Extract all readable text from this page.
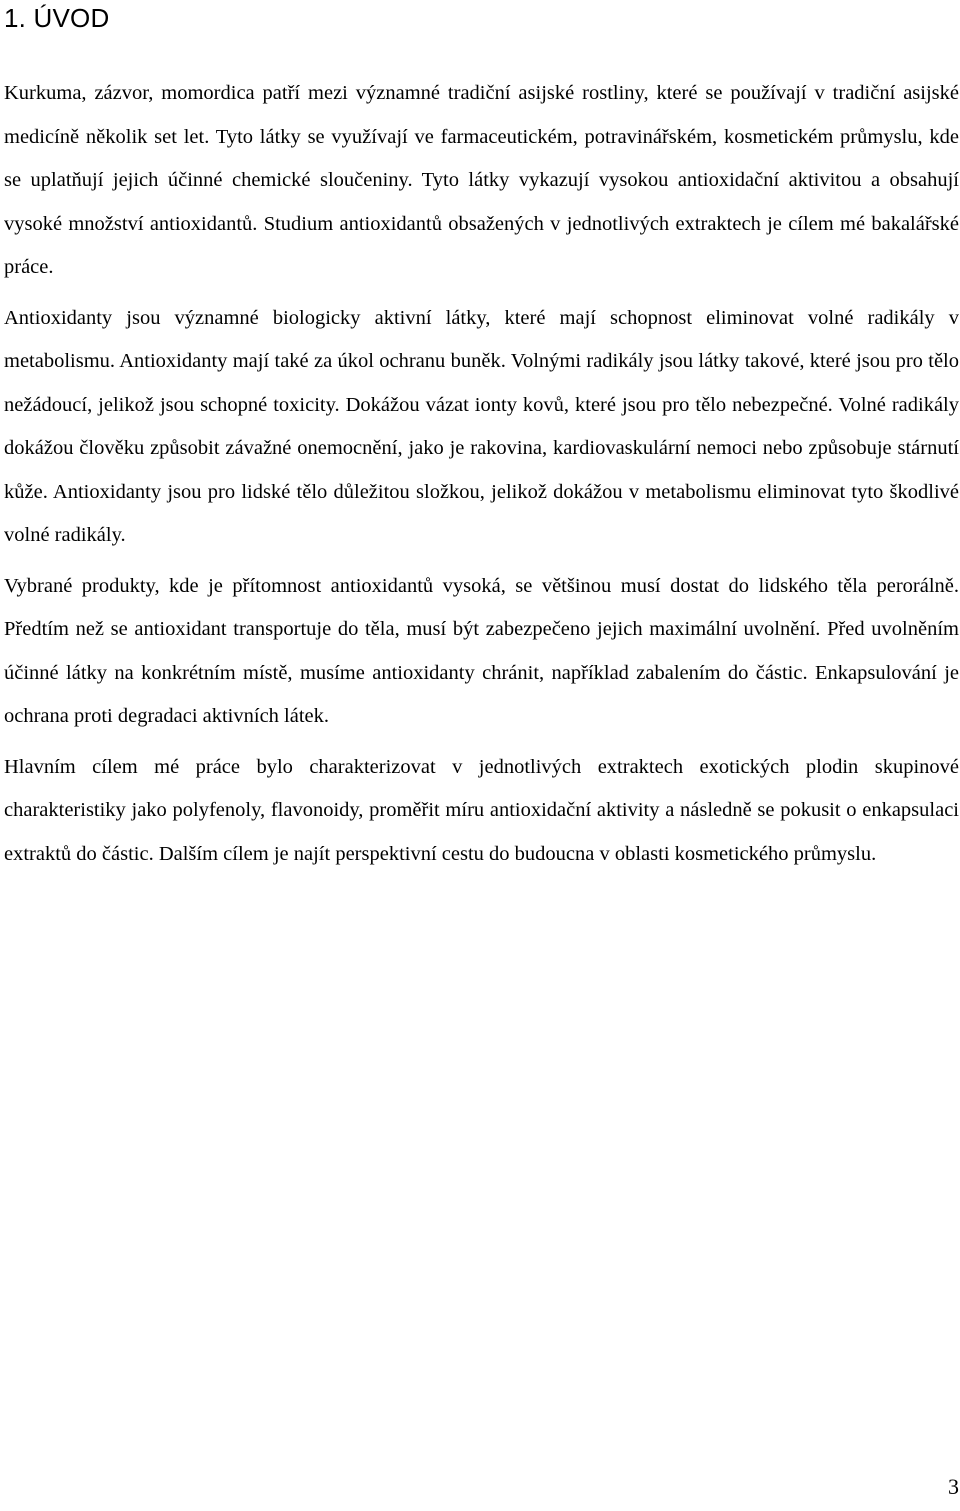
1. ÚVOD

Kurkuma, zázvor, momordica patří mezi významné tradiční asijské rostliny, které se používají v tradiční asijské medicíně několik set let. Tyto látky se využívají ve farmaceutickém, potravinářském, kosmetickém průmyslu, kde se uplatňují jejich účinné chemické sloučeniny. Tyto látky vykazují vysokou antioxidační aktivitou a obsahují vysoké množství antioxidantů. Studium antioxidantů obsažených v jednotlivých extraktech je cílem mé bakalářské práce.

Antioxidanty jsou významné biologicky aktivní látky, které mají schopnost eliminovat volné radikály v metabolismu. Antioxidanty mají také za úkol ochranu buněk. Volnými radikály jsou látky takové, které jsou pro tělo nežádoucí, jelikož jsou schopné toxicity. Dokážou vázat ionty kovů, které jsou pro tělo nebezpečné. Volné radikály dokážou člověku způsobit závažné onemocnění, jako je rakovina, kardiovaskulární nemoci nebo způsobuje stárnutí kůže. Antioxidanty jsou pro lidské tělo důležitou složkou, jelikož dokážou v metabolismu eliminovat tyto škodlivé volné radikály.

Vybrané produkty, kde je přítomnost antioxidantů vysoká, se většinou musí dostat do lidského těla perorálně. Předtím než se antioxidant transportuje do těla, musí být zabezpečeno jejich maximální uvolnění. Před uvolněním účinné látky na konkrétním místě, musíme antioxidanty chránit, například zabalením do částic. Enkapsulování je ochrana proti degradaci aktivních látek.

Hlavním cílem mé práce bylo charakterizovat v jednotlivých extraktech exotických plodin skupinové charakteristiky jako polyfenoly, flavonoidy, proměřit míru antioxidační aktivity a následně se pokusit o enkapsulaci extraktů do částic. Dalším cílem je najít perspektivní cestu do budoucna v oblasti kosmetického průmyslu.

3
